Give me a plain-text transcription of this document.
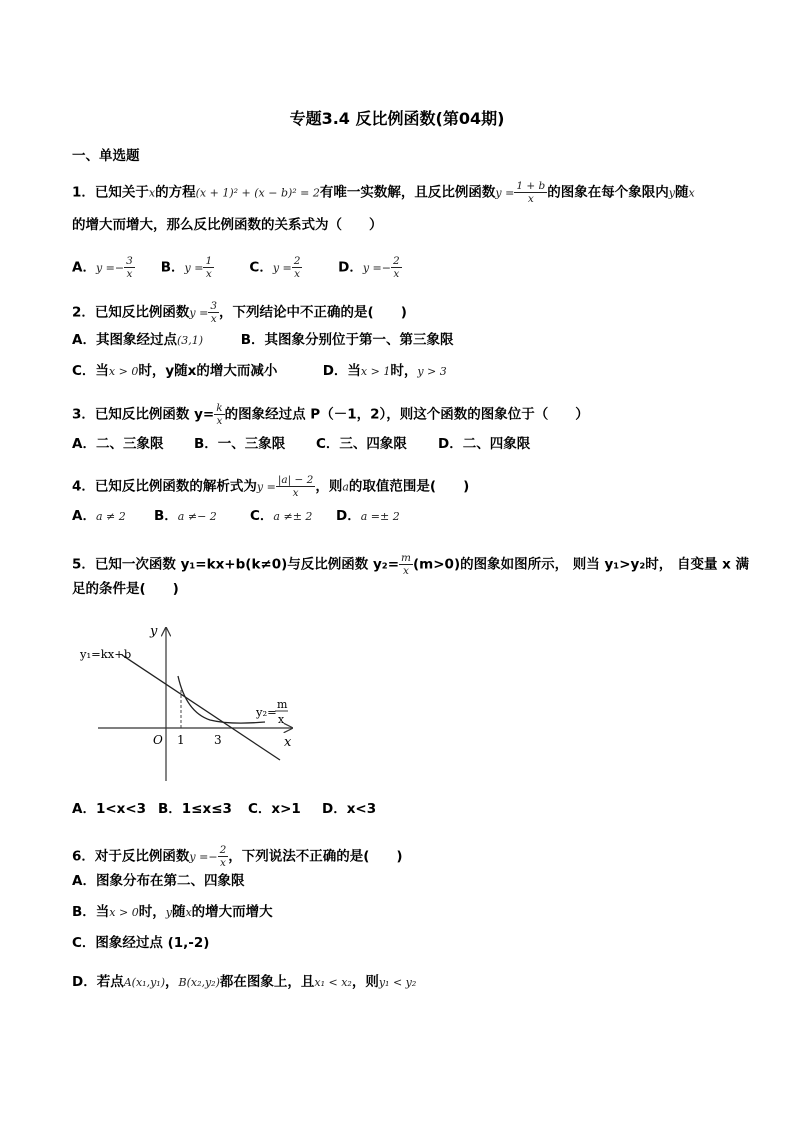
专题3.4 反比例函数(第04期)
一、单选题
1．已知关于x的方程(x + 1)² + (x − b)² = 2有唯一实数解，且反比例函数$y = \frac{1 + b}{x}$ 的图象在每个象限内y随x
的增大而增大，那么反比例函数的关系式为（　　）
A．$y =- \frac{3}{x}$ B．$y = \frac{1}{x}$	C．$y = \frac{2}{x}$	D．$y =- \frac{2}{x}$
2．已知反比例函数$y = \frac{3}{x}$ ，下列结论中不正确的是(　　)
A．其图象经过点(3,1)	B．其图象分别位于第一、第三象限
C．当x > 0时，y随x的增大而减小	D．当x > 1时，y > 3
3．已知反比例函数 $y= \frac{k}{x}$ 的图象经过点 P（－1，2），则这个函数的图象位于（　　）
A．二、三象限 B．一、三象限 C．三、四象限 D．二、四象限
4．已知反比例函数的解析式为$y = \frac{|a| - 2}{x}$ ，则a的取值范围是(　　)
A．a ≠ 2 B．a ≠− 2 C．a ≠± 2 D．a =± 2
5．已知一次函数 y₁=kx+b(k≠0)与反比例函数 $y_2= \frac{m}{x} (m>0)$的图象如图所示， 则当 y₁>y₂时， 自变量 x 满
足的条件是(　　)
y
x
O 1 3
y₁=kx+b
y₂=
m
x
A．1<x<3 B．1≤x≤3 C．x>1 D．x<3
6．对于反比例函数$y =- \frac{2}{x}$ ，下列说法不正确的是(　　)
A．图象分布在第二、四象限
B．当x > 0时，y随x的增大而增大
C．图象经过点 (1,-2)
D．若点A(x₁,y₁)，B(x₂,y₂)都在图象上，且x₁ < x₂，则y₁ < y₂
